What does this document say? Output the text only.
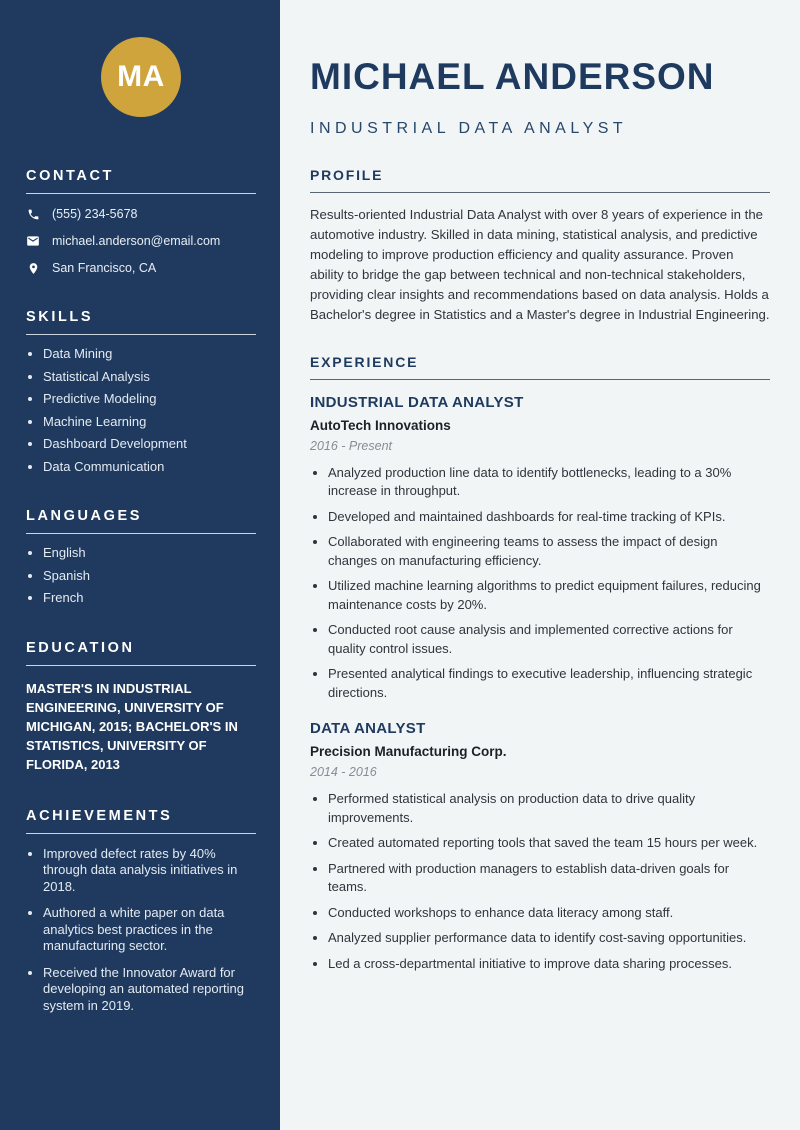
MA
CONTACT
(555) 234-5678
michael.anderson@email.com
San Francisco, CA
SKILLS
• Data Mining
• Statistical Analysis
• Predictive Modeling
• Machine Learning
• Dashboard Development
• Data Communication
LANGUAGES
• English
• Spanish
• French
EDUCATION
MASTER'S IN INDUSTRIAL ENGINEERING, UNIVERSITY OF MICHIGAN, 2015; BACHELOR'S IN STATISTICS, UNIVERSITY OF FLORIDA, 2013
ACHIEVEMENTS
• Improved defect rates by 40% through data analysis initiatives in 2018.
• Authored a white paper on data analytics best practices in the manufacturing sector.
• Received the Innovator Award for developing an automated reporting system in 2019.
MICHAEL ANDERSON
INDUSTRIAL DATA ANALYST
PROFILE

Results-oriented Industrial Data Analyst with over 8 years of experience in the automotive industry. Skilled in data mining, statistical analysis, and predictive modeling to improve production efficiency and quality assurance. Proven ability to bridge the gap between technical and non-technical stakeholders, providing clear insights and recommendations based on data analysis. Holds a Bachelor's degree in Statistics and a Master's degree in Industrial Engineering.

EXPERIENCE
INDUSTRIAL DATA ANALYST
AutoTech Innovations
2016 - Present
• Analyzed production line data to identify bottlenecks, leading to a 30% increase in throughput.
• Developed and maintained dashboards for real-time tracking of KPIs.
• Collaborated with engineering teams to assess the impact of design changes on manufacturing efficiency.
• Utilized machine learning algorithms to predict equipment failures, reducing maintenance costs by 20%.
• Conducted root cause analysis and implemented corrective actions for quality control issues.
• Presented analytical findings to executive leadership, influencing strategic directions.
DATA ANALYST
Precision Manufacturing Corp.
2014 - 2016
• Performed statistical analysis on production data to drive quality improvements.
• Created automated reporting tools that saved the team 15 hours per week.
• Partnered with production managers to establish data-driven goals for teams.
• Conducted workshops to enhance data literacy among staff.
• Analyzed supplier performance data to identify cost-saving opportunities.
• Led a cross-departmental initiative to improve data sharing processes.
